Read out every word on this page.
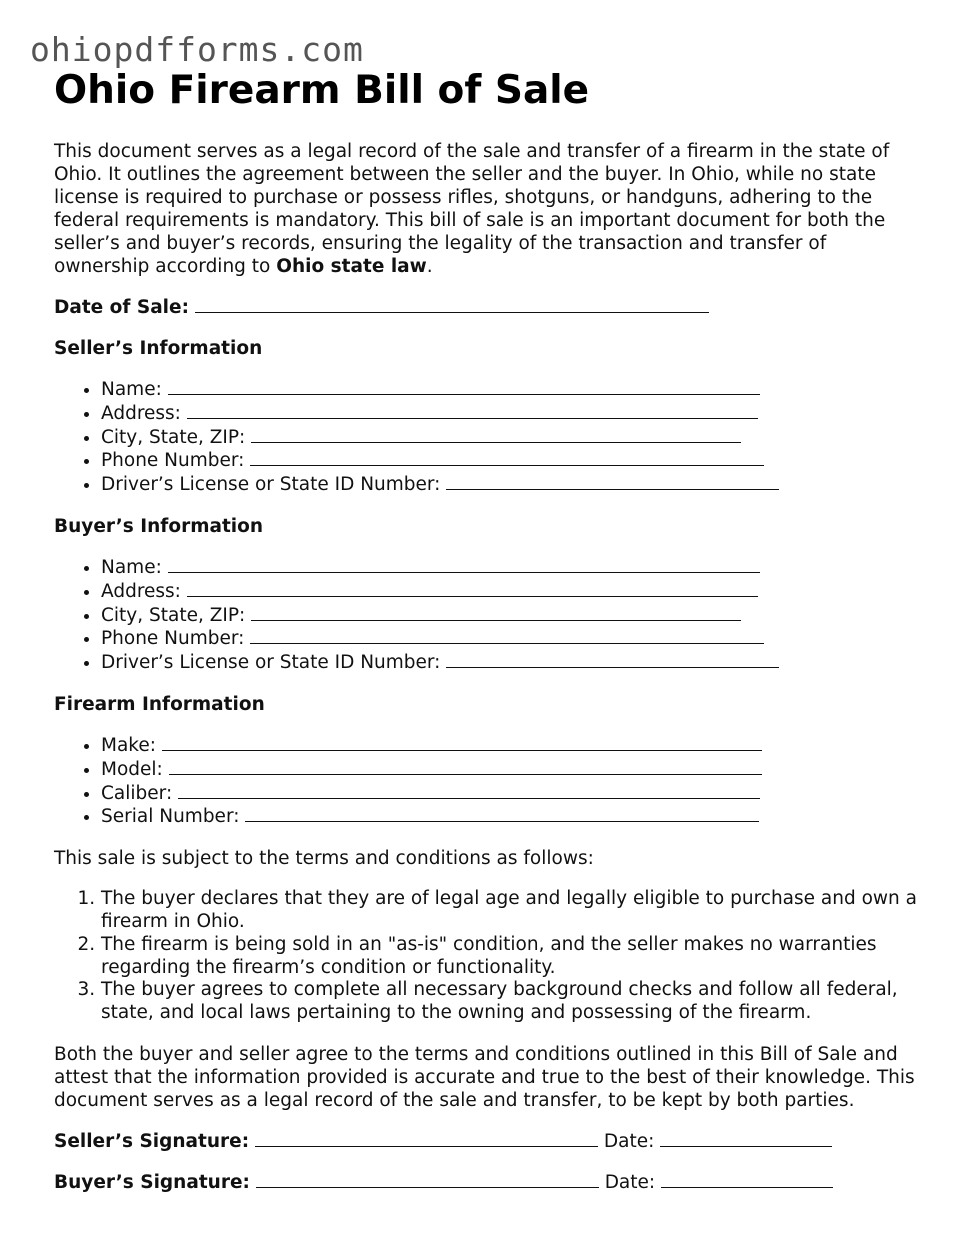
ohiopdfforms.com
Ohio Firearm Bill of Sale

This document serves as a legal record of the sale and transfer of a firearm in the state of Ohio. It outlines the agreement between the seller and the buyer. In Ohio, while no state license is required to purchase or possess rifles, shotguns, or handguns, adhering to the federal requirements is mandatory. This bill of sale is an important document for both the seller’s and buyer’s records, ensuring the legality of the transaction and transfer of ownership according to Ohio state law.

Date of Sale:

Seller’s Information
• Name:
• Address:
• City, State, ZIP:
• Phone Number:
• Driver’s License or State ID Number:
Buyer’s Information
• Name:
• Address:
• City, State, ZIP:
• Phone Number:
• Driver’s License or State ID Number:
Firearm Information
• Make:
• Model:
• Caliber:
• Serial Number:

This sale is subject to the terms and conditions as follows:

1. The buyer declares that they are of legal age and legally eligible to purchase and own a firearm in Ohio.
2. The firearm is being sold in an "as-is" condition, and the seller makes no warranties regarding the firearm’s condition or functionality.
3. The buyer agrees to complete all necessary background checks and follow all federal, state, and local laws pertaining to the owning and possessing of the firearm.

Both the buyer and seller agree to the terms and conditions outlined in this Bill of Sale and attest that the information provided is accurate and true to the best of their knowledge. This document serves as a legal record of the sale and transfer, to be kept by both parties.

Seller’s Signature:	Date:

Buyer’s Signature:	Date:
